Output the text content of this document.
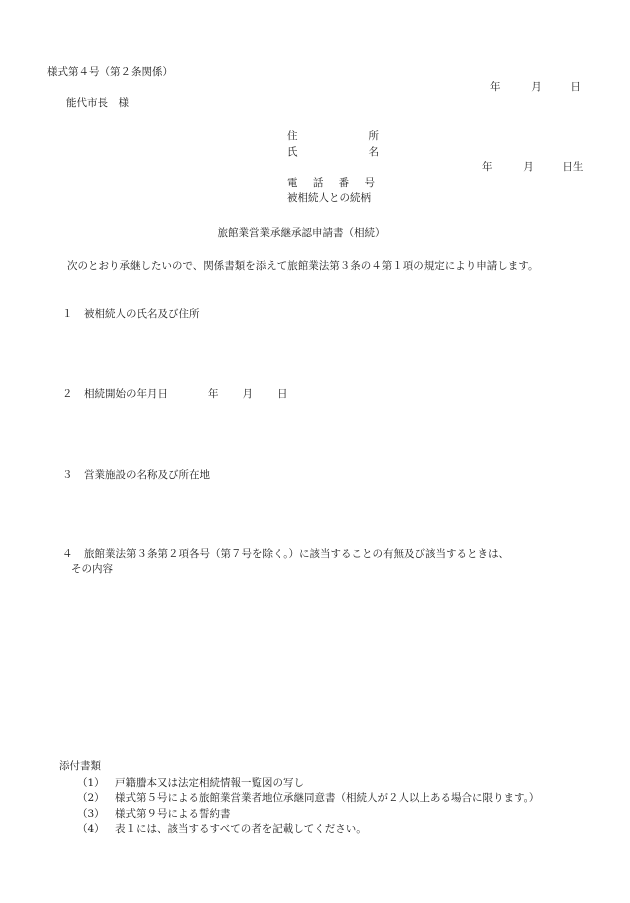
様式第４号（第２条関係）
年	月	日
能代市長　様
住	所
氏	名
電 話 番 号
被相続人との続柄
年	月	日生
旅館業営業承継承認申請書（相続）
次のとおり承継したいので、関係書類を添えて旅館業法第３条の４第１項の規定により申請します。
１ 被相続人の氏名及び住所
２ 相続開始の年月日	年 月 日
３ 営業施設の名称及び所在地
４ 旅館業法第３条第２項各号（第７号を除く。）に該当することの有無及び該当するときは、
その内容
添付書類
（1） 戸籍謄本又は法定相続情報一覧図の写し
（2） 様式第５号による旅館業営業者地位承継同意書（相続人が２人以上ある場合に限ります。）
（3） 様式第９号による誓約書
（4） 表１には、該当するすべての者を記載してください。
